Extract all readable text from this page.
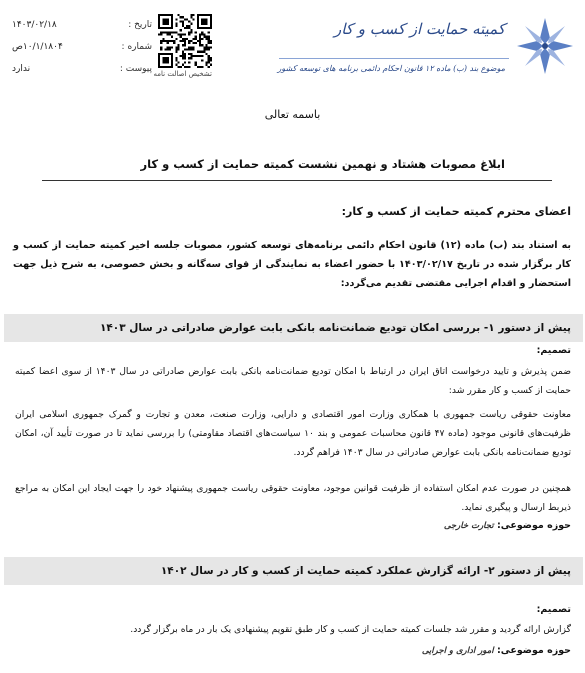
کمیته حمایت از کسب و کار
موضوع بند (ب) ماده ۱۲ قانون احکام دائمی برنامه های توسعه کشور
تشخیص اصالت نامه
تاریخ :
۱۴۰۳/۰۲/۱۸
شماره :
۱۰/۱/۱۸۰۴ص
پیوست :
ندارد
باسمه تعالی
ابلاغ مصوبات هشتاد و نهمین نشست کمیته حمایت از کسب و کار
اعضای محترم کمیته حمایت از کسب و کار:
به استناد بند (ب) ماده (۱۲) قانون احکام دائمی برنامه‌های توسعه کشور، مصوبات جلسه اخیر کمیته حمایت از کسب و کار برگزار شده در تاریخ ۱۴۰۳/۰۲/۱۷ با حضور اعضاء به نمایندگی از قوای سه‌گانه و بخش خصوصی، به شرح ذیل جهت استحضار و اقدام اجرایی مقتضی تقدیم می‌گردد:
پیش از دستور ۱- بررسی امکان تودیع ضمانت‌نامه بانکی بابت عوارض صادراتی در سال ۱۴۰۳
تصمیم:
ضمن پذیرش و تایید درخواست اتاق ایران در ارتباط با امکان تودیع ضمانت‌نامه بانکی بابت عوارض صادراتی در سال ۱۴۰۳ از سوی اعضا کمیته حمایت از کسب و کار مقرر شد:
معاونت حقوقی ریاست جمهوری با همکاری وزارت امور اقتصادی و دارایی، وزارت صنعت، معدن و تجارت و گمرک جمهوری اسلامی ایران ظرفیت‌های قانونی موجود (ماده ۴۷ قانون محاسبات عمومی و بند ۱۰ سیاست‌های اقتصاد مقاومتی) را بررسی نماید تا در صورت تأیید آن، امکان تودیع ضمانت‌نامه بانکی بابت عوارض صادراتی در سال ۱۴۰۳ فراهم گردد.
همچنین در صورت عدم امکان استفاده از ظرفیت قوانین موجود، معاونت حقوقی ریاست جمهوری پیشنهاد خود را جهت ایجاد این امکان به مراجع ذیربط ارسال و پیگیری نماید.
حوزه موضوعی: تجارت خارجی
پیش از دستور ۲- ارائه گزارش عملکرد کمیته حمایت از کسب و کار در سال ۱۴۰۲
تصمیم:
گزارش ارائه گردید و مقرر شد جلسات کمیته حمایت از کسب و کار طبق تقویم پیشنهادی یک بار در ماه برگزار گردد.
حوزه موضوعی: امور اداری و اجرایی
